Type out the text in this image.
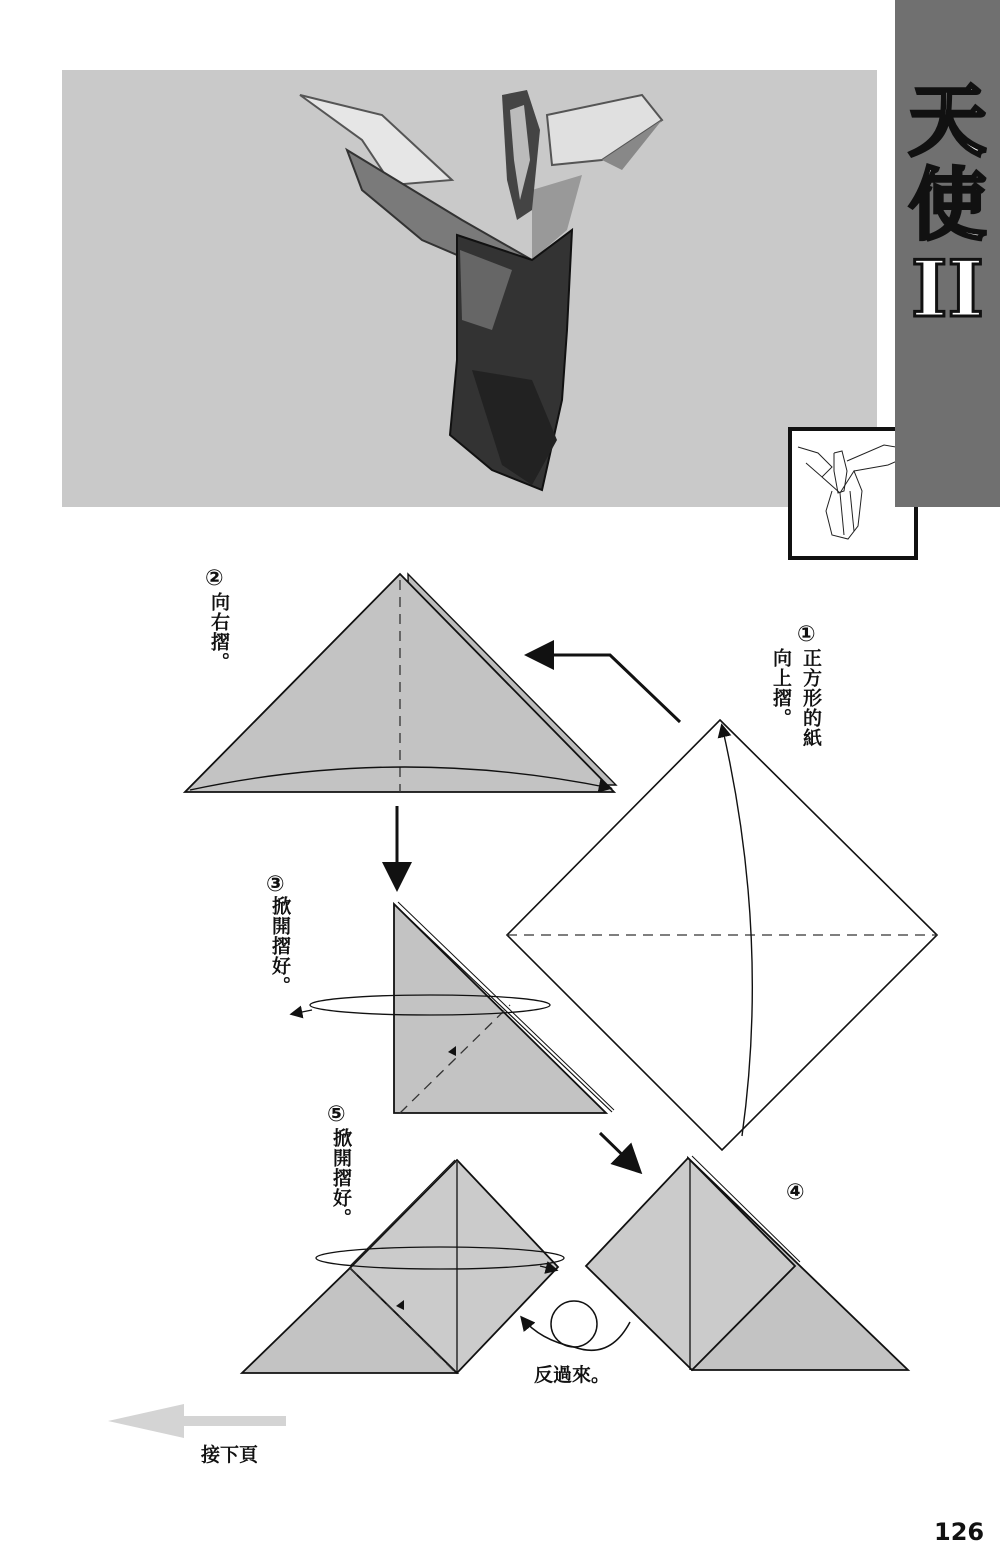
天
使
II
①
正方形的紙
向上摺。
②
向右摺。
③
掀開摺好。
④
⑤
掀開摺好。
反過來。
接下頁
126
